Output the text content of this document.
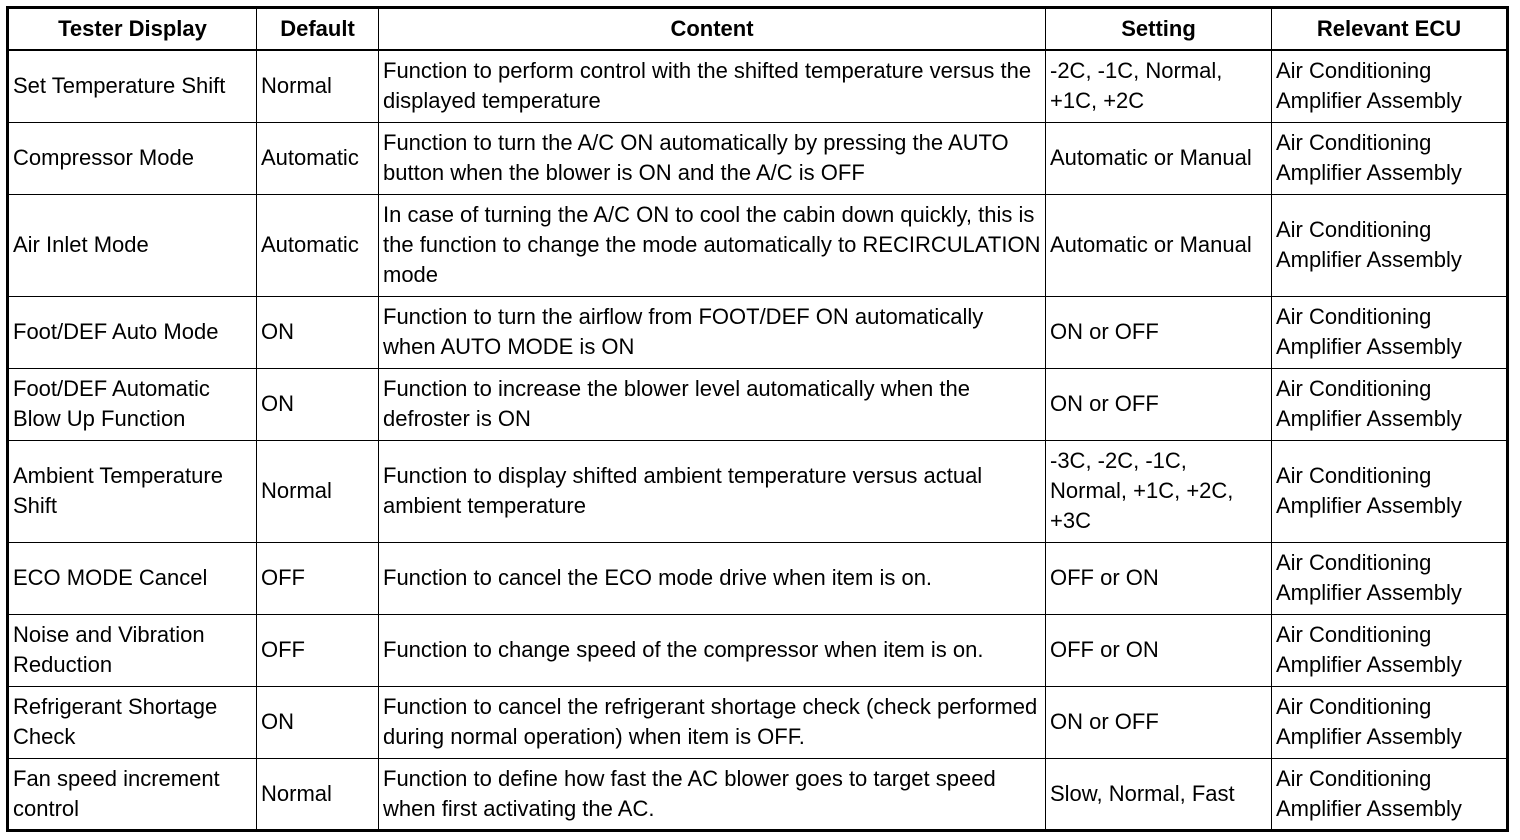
Tester Display	Default	Content	Setting	Relevant ECU
Set Temperature Shift	Normal	Function to perform control with the shifted temperature versus the displayed temperature	-2C, -1C, Normal, +1C, +2C	Air Conditioning Amplifier Assembly
Compressor Mode	Automatic	Function to turn the A/C ON automatically by pressing the AUTO button when the blower is ON and the A/C is OFF	Automatic or Manual	Air Conditioning Amplifier Assembly
Air Inlet Mode	Automatic	In case of turning the A/C ON to cool the cabin down quickly, this is the function to change the mode automatically to RECIRCULATION mode	Automatic or Manual	Air Conditioning Amplifier Assembly
Foot/DEF Auto Mode	ON	Function to turn the airflow from FOOT/DEF ON automatically when AUTO MODE is ON	ON or OFF	Air Conditioning Amplifier Assembly
Foot/DEF Automatic Blow Up Function	ON	Function to increase the blower level automatically when the defroster is ON	ON or OFF	Air Conditioning Amplifier Assembly
Ambient Temperature Shift	Normal	Function to display shifted ambient temperature versus actual ambient temperature	-3C, -2C, -1C, Normal, +1C, +2C, +3C	Air Conditioning Amplifier Assembly
ECO MODE Cancel	OFF	Function to cancel the ECO mode drive when item is on.	OFF or ON	Air Conditioning Amplifier Assembly
Noise and Vibration Reduction	OFF	Function to change speed of the compressor when item is on.	OFF or ON	Air Conditioning Amplifier Assembly
Refrigerant Shortage Check	ON	Function to cancel the refrigerant shortage check (check performed during normal operation) when item is OFF.	ON or OFF	Air Conditioning Amplifier Assembly
Fan speed increment control	Normal	Function to define how fast the AC blower goes to target speed when first activating the AC.	Slow, Normal, Fast	Air Conditioning Amplifier Assembly
